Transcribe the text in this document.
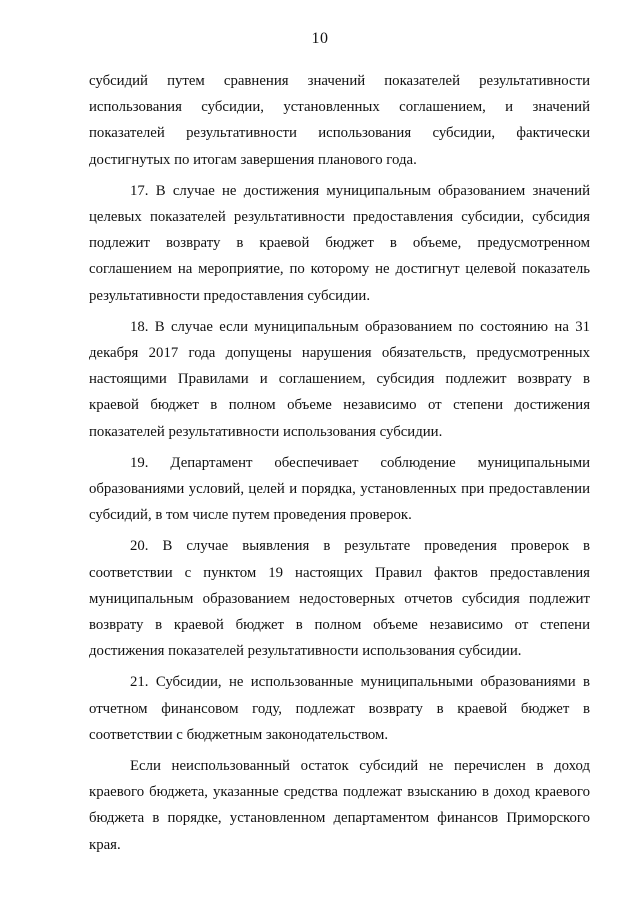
10

субсидий путем сравнения значений показателей результативности использования субсидии, установленных соглашением, и значений показателей результативности использования субсидии, фактически достигнутых по итогам завершения планового года.

17. В случае не достижения муниципальным образованием значений целевых показателей результативности предоставления субсидии, субсидия подлежит возврату в краевой бюджет в объеме, предусмотренном соглашением на мероприятие, по которому не достигнут целевой показатель результативности предоставления субсидии.

18. В случае если муниципальным образованием по состоянию на 31 декабря 2017 года допущены нарушения обязательств, предусмотренных настоящими Правилами и соглашением, субсидия подлежит возврату в краевой бюджет в полном объеме независимо от степени достижения показателей результативности использования субсидии.

19. Департамент обеспечивает соблюдение муниципальными образованиями условий, целей и порядка, установленных при предоставлении субсидий, в том числе путем проведения проверок.

20. В случае выявления в результате проведения проверок в соответствии с пунктом 19 настоящих Правил фактов предоставления муниципальным образованием недостоверных отчетов субсидия подлежит возврату в краевой бюджет в полном объеме независимо от степени достижения показателей результативности использования субсидии.

21. Субсидии, не использованные муниципальными образованиями в отчетном финансовом году, подлежат возврату в краевой бюджет в соответствии с бюджетным законодательством.

Если неиспользованный остаток субсидий не перечислен в доход краевого бюджета, указанные средства подлежат взысканию в доход краевого бюджета в порядке, установленном департаментом финансов Приморского края.
